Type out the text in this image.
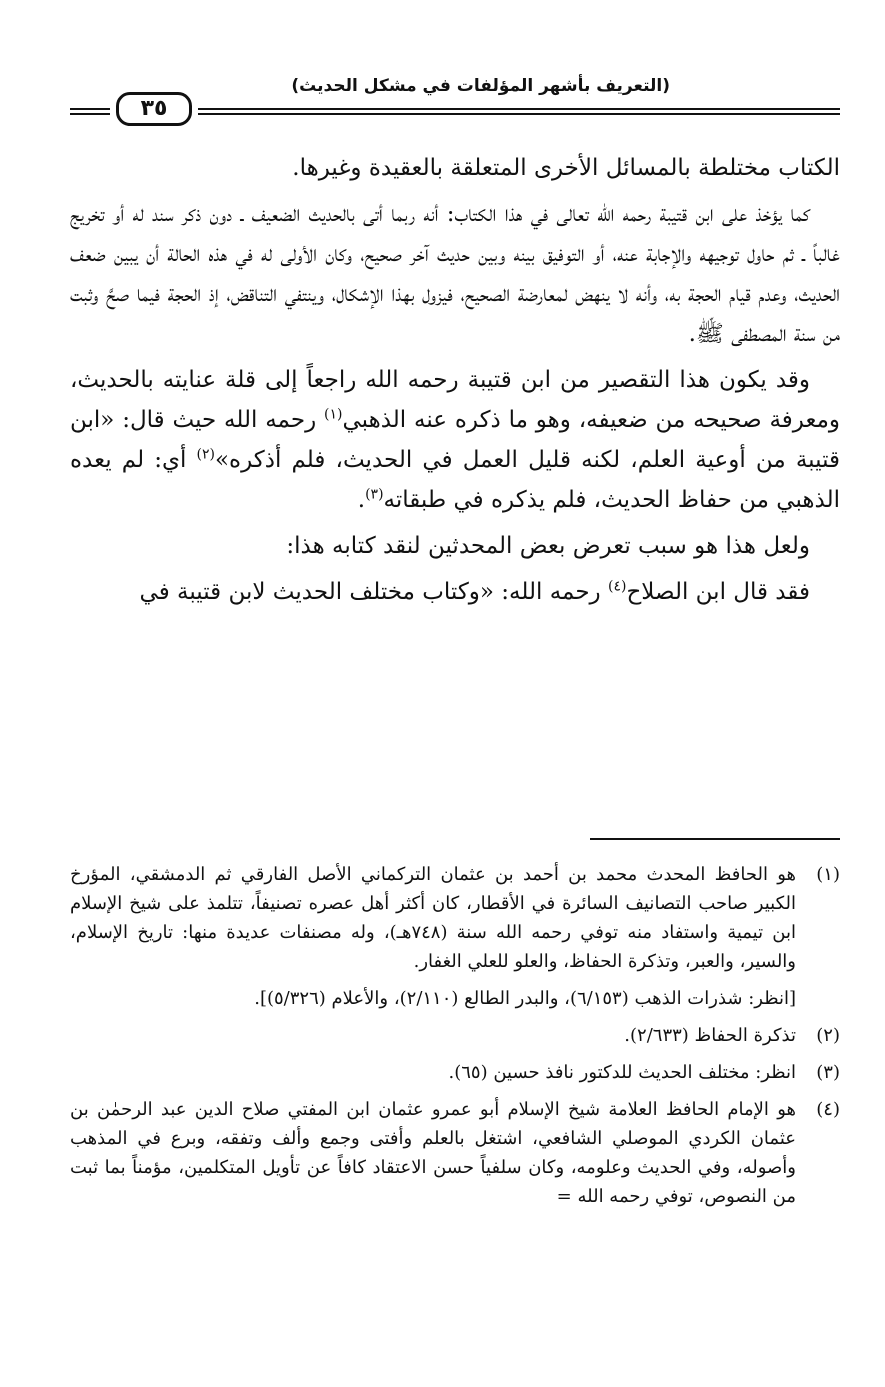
(التعريف بأشهر المؤلفات في مشكل الحديث)
٣٥

الكتاب مختلطة بالمسائل الأخرى المتعلقة بالعقيدة وغيرها.

كما يؤخذ على ابن قتيبة رحمه الله تعالى في هذا الكتاب: أنه ربما أتى بالحديث الضعيف ـ دون ذكر سند له أو تخريج غالباً ـ ثم حاول توجيهه والإجابة عنه، أو التوفيق بينه وبين حديث آخر صحيح، وكان الأولى له في هذه الحالة أن يبين ضعف الحديث، وعدم قيام الحجة به، وأنه لا ينهض لمعارضة الصحيح، فيزول بهذا الإشكال، وينتفي التناقض، إذ الحجة فيما صحَّ وثبت من سنة المصطفى ﷺ.

وقد يكون هذا التقصير من ابن قتيبة رحمه الله راجعاً إلى قلة عنايته بالحديث، ومعرفة صحيحه من ضعيفه، وهو ما ذكره عنه الذهبي$^{(١)}$ رحمه الله حيث قال: «ابن قتيبة من أوعية العلم، لكنه قليل العمل في الحديث، فلم أذكره»$^{(٢)}$ أي: لم يعده الذهبي من حفاظ الحديث، فلم يذكره في طبقاته$^{(٣)}$.

ولعل هذا هو سبب تعرض بعض المحدثين لنقد كتابه هذا:

فقد قال ابن الصلاح$^{(٤)}$ رحمه الله: «وكتاب مختلف الحديث لابن قتيبة في

(١)
هو الحافظ المحدث محمد بن أحمد بن عثمان التركماني الأصل الفارقي ثم الدمشقي، المؤرخ الكبير صاحب التصانيف السائرة في الأقطار، كان أكثر أهل عصره تصنيفاً، تتلمذ على شيخ الإسلام ابن تيمية واستفاد منه توفي رحمه الله سنة (٧٤٨هـ)، وله مصنفات عديدة منها: تاريخ الإسلام، والسير، والعبر، وتذكرة الحفاظ، والعلو للعلي الغفار.
[انظر: شذرات الذهب (٦/١٥٣)، والبدر الطالع (٢/١١٠)، والأعلام (٥/٣٢٦)].
(٢)
تذكرة الحفاظ (٢/٦٣٣).
(٣)
انظر: مختلف الحديث للدكتور نافذ حسين (٦٥).
(٤)
هو الإمام الحافظ العلامة شيخ الإسلام أبو عمرو عثمان ابن المفتي صلاح الدين عبد الرحمٰن بن عثمان الكردي الموصلي الشافعي، اشتغل بالعلم وأفتى وجمع وألف وتفقه، وبرع في المذهب وأصوله، وفي الحديث وعلومه، وكان سلفياً حسن الاعتقاد كافاً عن تأويل المتكلمين، مؤمناً بما ثبت من النصوص، توفي رحمه الله =
